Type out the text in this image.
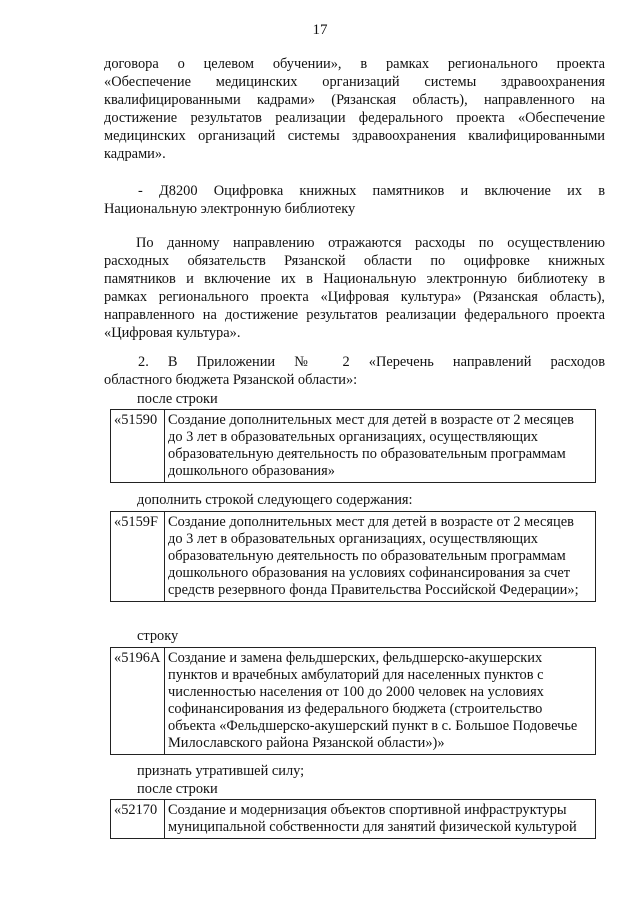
17
договора о целевом обучении», в рамках регионального проекта
«Обеспечение медицинских организаций системы здравоохранения
квалифицированными кадрами» (Рязанская область), направленного на
достижение результатов реализации федерального проекта «Обеспечение
медицинских организаций системы здравоохранения квалифицированными
кадрами».
- Д8200 Оцифровка книжных памятников и включение их в
Национальную электронную библиотеку
По данному направлению отражаются расходы по осуществлению
расходных обязательств Рязанской области по оцифровке книжных
памятников и включение их в Национальную электронную библиотеку в
рамках регионального проекта «Цифровая культура» (Рязанская область),
направленного на достижение результатов реализации федерального проекта
«Цифровая культура».
2. В Приложении № 2 «Перечень направлений расходов
областного бюджета Рязанской области»:
после строки
«51590	Создание дополнительных мест для детей в возрасте от 2 месяцев
до 3 лет в образовательных организациях, осуществляющих
образовательную деятельность по образовательным программам
дошкольного образования»
дополнить строкой следующего содержания:
«5159F	Создание дополнительных мест для детей в возрасте от 2 месяцев
до 3 лет в образовательных организациях, осуществляющих
образовательную деятельность по образовательным программам
дошкольного образования на условиях софинансирования за счет
средств резервного фонда Правительства Российской Федерации»;
строку
«5196А	Создание и замена фельдшерских, фельдшерско-акушерских
пунктов и врачебных амбулаторий для населенных пунктов с
численностью населения от 100 до 2000 человек на условиях
софинансирования из федерального бюджета (строительство
объекта «Фельдшерско-акушерский пункт в с. Большое Подовечье
Милославского района Рязанской области»)»
признать утратившей силу;
после строки
«52170	Создание и модернизация объектов спортивной инфраструктуры
муниципальной собственности для занятий физической культурой
